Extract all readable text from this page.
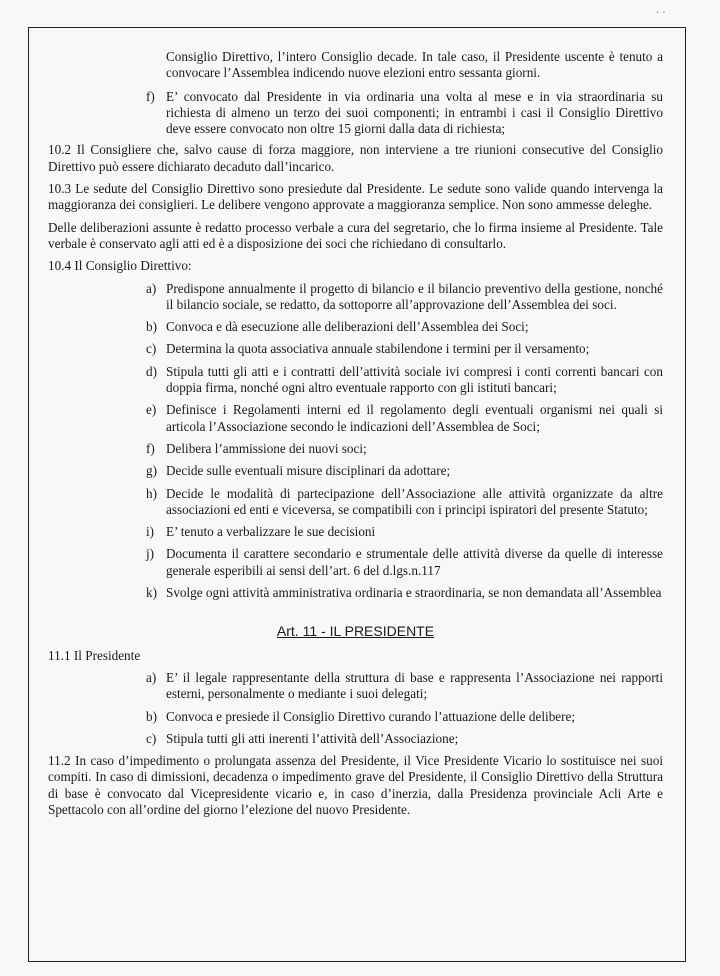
· ·

Consiglio Direttivo, l’intero Consiglio decade. In tale caso, il Presidente uscente è tenuto a convocare l’Assemblea indicendo nuove elezioni entro sessanta giorni.

f) E’ convocato dal Presidente in via ordinaria una volta al mese e in via straordinaria su richiesta di almeno un terzo dei suoi componenti; in entrambi i casi il Consiglio Direttivo deve essere convocato non oltre 15 giorni dalla data di richiesta;

10.2 Il Consigliere che, salvo cause di forza maggiore, non interviene a tre riunioni consecutive del Consiglio Direttivo può essere dichiarato decaduto dall’incarico.

10.3 Le sedute del Consiglio Direttivo sono presiedute dal Presidente. Le sedute sono valide quando intervenga la maggioranza dei consiglieri. Le delibere vengono approvate a maggioranza semplice. Non sono ammesse deleghe.

Delle deliberazioni assunte è redatto processo verbale a cura del segretario, che lo firma insieme al Presidente. Tale verbale è conservato agli atti ed è a disposizione dei soci che richiedano di consultarlo.

10.4 Il Consiglio Direttivo:

a) Predispone annualmente il progetto di bilancio e il bilancio preventivo della gestione, nonché il bilancio sociale, se redatto, da sottoporre all’approvazione dell’Assemblea dei soci.
b) Convoca e dà esecuzione alle deliberazioni dell’Assemblea dei Soci;
c) Determina la quota associativa annuale stabilendone i termini per il versamento;
d) Stipula tutti gli atti e i contratti dell’attività sociale ivi compresi i conti correnti bancari con doppia firma, nonché ogni altro eventuale rapporto con gli istituti bancari;
e) Definisce i Regolamenti interni ed il regolamento degli eventuali organismi nei quali si articola l’Associazione secondo le indicazioni dell’Assemblea de Soci;
f) Delibera l’ammissione dei nuovi soci;
g) Decide sulle eventuali misure disciplinari da adottare;
h) Decide le modalità di partecipazione dell’Associazione alle attività organizzate da altre associazioni ed enti e viceversa, se compatibili con i principi ispiratori del presente Statuto;
i) E’ tenuto a verbalizzare le sue decisioni
j) Documenta il carattere secondario e strumentale delle attività diverse da quelle di interesse generale esperibili ai sensi dell’art. 6 del d.lgs.n.117
k) Svolge ogni attività amministrativa ordinaria e straordinaria, se non demandata all’Assemblea
Art. 11 - IL PRESIDENTE

11.1 Il Presidente

a) E’ il legale rappresentante della struttura di base e rappresenta l’Associazione nei rapporti esterni, personalmente o mediante i suoi delegati;
b) Convoca e presiede il Consiglio Direttivo curando l’attuazione delle delibere;
c) Stipula tutti gli atti inerenti l’attività dell’Associazione;

11.2 In caso d’impedimento o prolungata assenza del Presidente, il Vice Presidente Vicario lo sostituisce nei suoi compiti. In caso di dimissioni, decadenza o impedimento grave del Presidente, il Consiglio Direttivo della Struttura di base è convocato dal Vicepresidente vicario e, in caso d’inerzia, dalla Presidenza provinciale Acli Arte e Spettacolo con all’ordine del giorno l’elezione del nuovo Presidente.
